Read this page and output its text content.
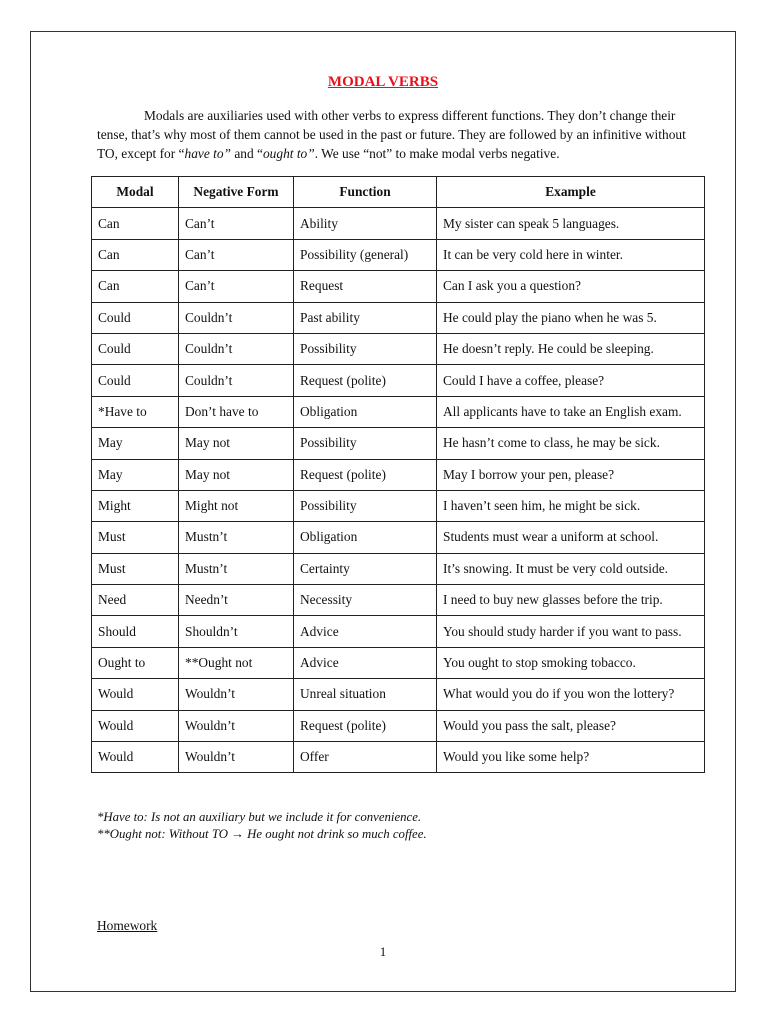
MODAL VERBS

Modals are auxiliaries used with other verbs to express different functions. They don’t change their tense, that’s why most of them cannot be used in the past or future. They are followed by an infinitive without TO, except for “have to” and “ought to”. We use “not” to make modal verbs negative.

Modal	Negative Form	Function	Example
Can	Can’t	Ability	My sister can speak 5 languages.
Can	Can’t	Possibility (general)	It can be very cold here in winter.
Can	Can’t	Request	Can I ask you a question?
Could	Couldn’t	Past ability	He could play the piano when he was 5.
Could	Couldn’t	Possibility	He doesn’t reply. He could be sleeping.
Could	Couldn’t	Request (polite)	Could I have a coffee, please?
*Have to	Don’t have to	Obligation	All applicants have to take an English exam.
May	May not	Possibility	He hasn’t come to class, he may be sick.
May	May not	Request (polite)	May I borrow your pen, please?
Might	Might not	Possibility	I haven’t seen him, he might be sick.
Must	Mustn’t	Obligation	Students must wear a uniform at school.
Must	Mustn’t	Certainty	It’s snowing. It must be very cold outside.
Need	Needn’t	Necessity	I need to buy new glasses before the trip.
Should	Shouldn’t	Advice	You should study harder if you want to pass.
Ought to	**Ought not	Advice	You ought to stop smoking tobacco.
Would	Wouldn’t	Unreal situation	What would you do if you won the lottery?
Would	Wouldn’t	Request (polite)	Would you pass the salt, please?
Would	Wouldn’t	Offer	Would you like some help?
*Have to: Is not an auxiliary but we include it for convenience.
**Ought not: Without TO → He ought not drink so much coffee.
Homework
1
